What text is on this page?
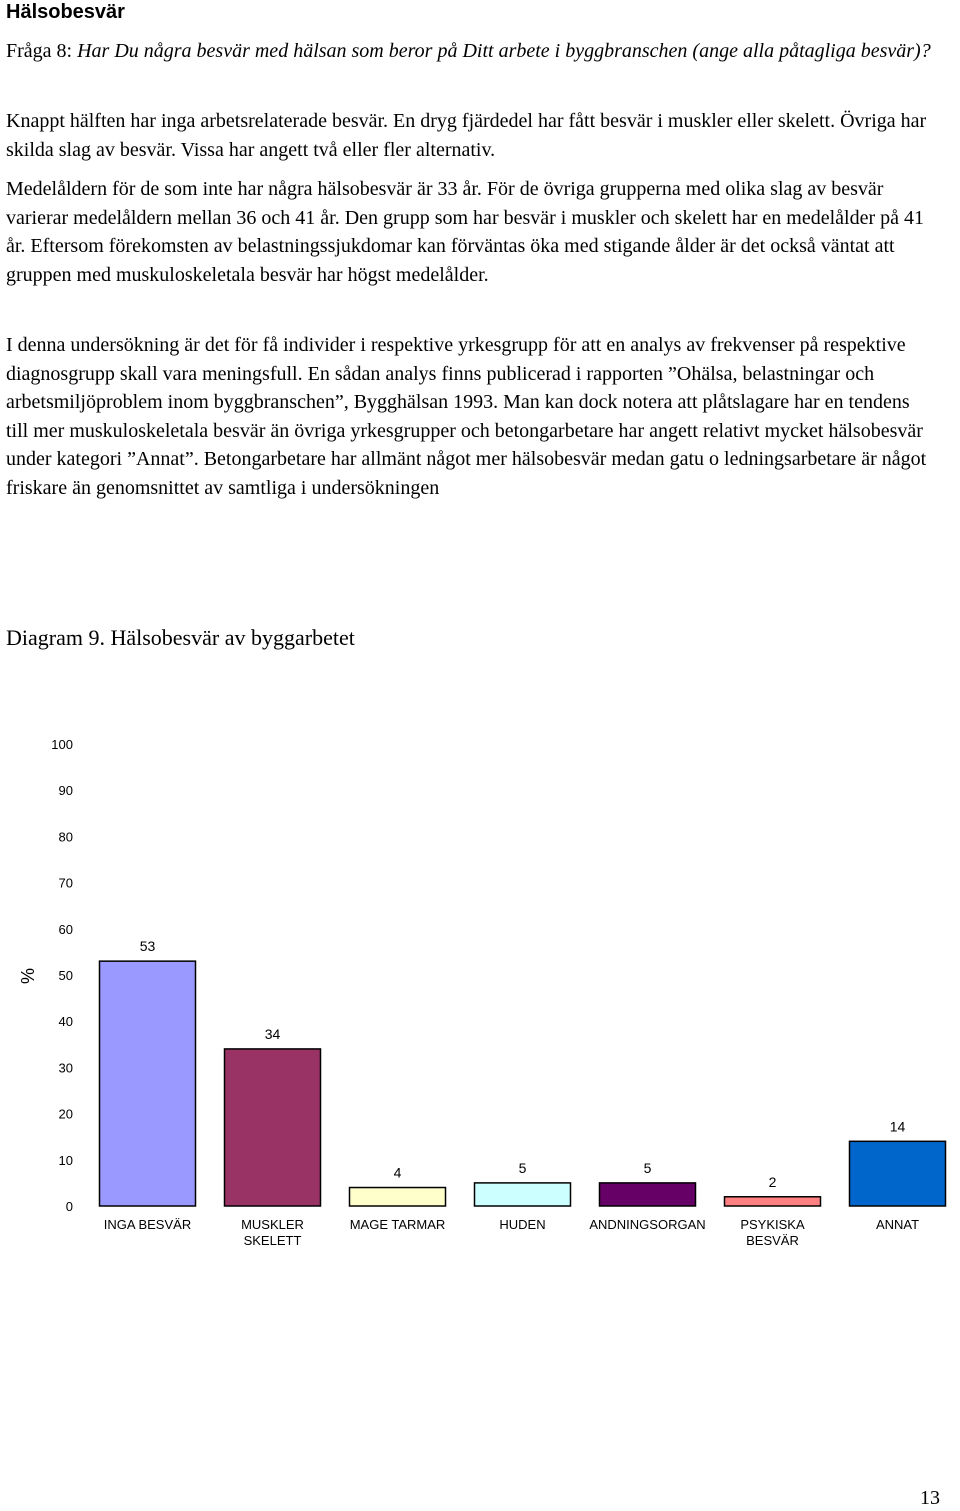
Hälsobesvär

Fråga 8: Har Du några besvär med hälsan som beror på Ditt arbete i byggbranschen (ange alla påtagliga besvär)?

Knappt hälften har inga arbetsrelaterade besvär. En dryg fjärdedel har fått besvär i muskler eller skelett. Övriga har skilda slag av besvär. Vissa har angett två eller fler alternativ.

Medelåldern för de som inte har några hälsobesvär är 33 år. För de övriga grupperna med olika slag av besvär varierar medelåldern mellan 36 och 41 år. Den grupp som har besvär i muskler och skelett har en medelålder på 41 år. Eftersom förekomsten av belastningssjukdomar kan förväntas öka med stigande ålder är det också väntat att gruppen med muskuloskeletala besvär har högst medelålder.

I denna undersökning är det för få individer i respektive yrkesgrupp för att en analys av frekvenser på respektive diagnosgrupp skall vara meningsfull. En sådan analys finns publicerad i rapporten ”Ohälsa, belastningar och arbetsmiljöproblem inom byggbranschen”, Bygghälsan 1993. Man kan dock notera att plåtslagare har en tendens till mer muskuloskeletala besvär än övriga yrkesgrupper och betongarbetare har angett relativt mycket hälsobesvär under kategori ”Annat”. Betongarbetare har allmänt något mer hälsobesvär medan gatu o ledningsarbetare är något friskare än genomsnittet av samtliga i undersökningen

Diagram 9. Hälsobesvär av byggarbetet

0
10
20
30
40
50
60
70
80
90
100
53
34
4	5	5
2
14
INGA BESVÄR	MUSKLER
SKELETT
MAGE TARMAR	HUDEN	ANDNINGSORGAN	PSYKISKA
BESVÄR
ANNAT
%
13
